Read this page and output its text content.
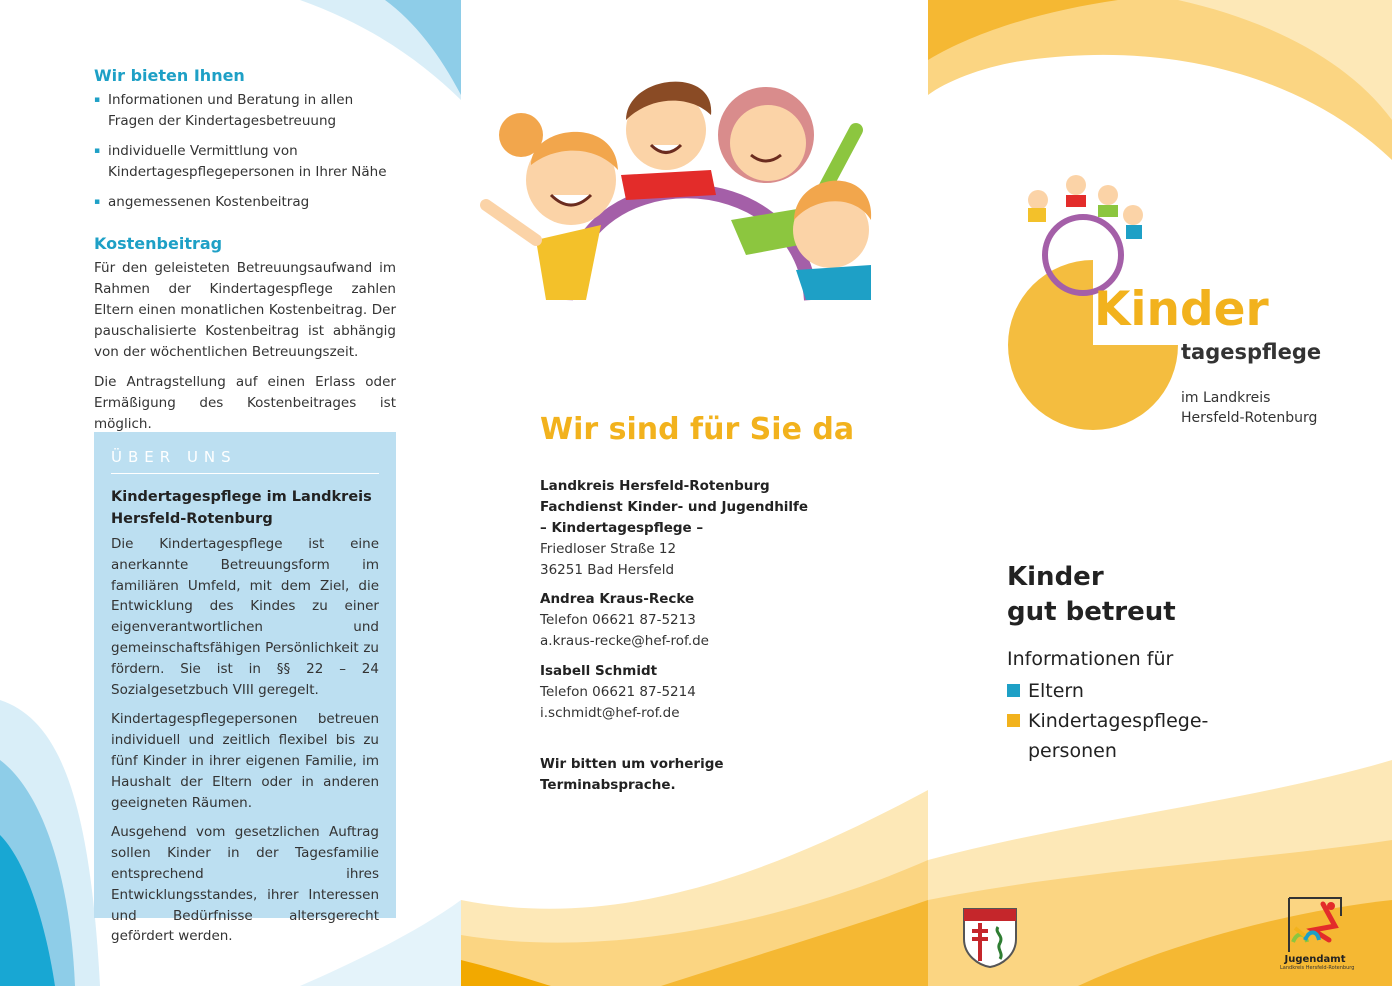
Wir bieten Ihnen
▪ Informationen und Beratung in allen Fragen der Kindertagesbetreuung
▪ individuelle Vermittlung von Kindertagespflegepersonen in Ihrer Nähe
▪ angemessenen Kostenbeitrag
Kostenbeitrag

Für den geleisteten Betreuungsaufwand im Rahmen der Kindertagespflege zahlen Eltern einen monatlichen Kostenbeitrag. Der pauschalisierte Kostenbeitrag ist abhängig von der wöchentlichen Betreuungszeit.

Die Antragstellung auf einen Erlass oder Ermäßigung des Kostenbeitrages ist möglich.

ÜBER UNS
Kindertagespflege im Landkreis Hersfeld-Rotenburg

Die Kindertagespflege ist eine anerkannte Betreuungsform im familiären Umfeld, mit dem Ziel, die Entwicklung des Kindes zu einer eigenverantwortlichen und gemeinschaftsfähigen Persönlichkeit zu fördern. Sie ist in §§ 22 – 24 Sozialgesetzbuch VIII geregelt.

Kindertagespflegepersonen betreuen individuell und zeitlich flexibel bis zu fünf Kinder in ihrer eigenen Familie, im Haushalt der Eltern oder in anderen geeigneten Räumen.

Ausgehend vom gesetzlichen Auftrag sollen Kinder in der Tagesfamilie entsprechend ihres Entwicklungsstandes, ihrer Interessen und Bedürfnisse altersgerecht gefördert werden.

Wir sind für Sie da
Landkreis Hersfeld-Rotenburg
Fachdienst Kinder- und Jugendhilfe
– Kindertagespflege –
Friedloser Straße 12
36251 Bad Hersfeld
Andrea Kraus-Recke
Telefon 06621 87-5213
a.kraus-recke@hef-rof.de
Isabell Schmidt
Telefon 06621 87-5214
i.schmidt@hef-rof.de
Wir bitten um vorherige Terminabsprache.
Kinder
tagespflege
im Landkreis
Hersfeld-Rotenburg
Kinder
gut betreut
Informationen für
Eltern
Kindertagespflege-
personen
Jugendamt
Landkreis Hersfeld-Rotenburg
